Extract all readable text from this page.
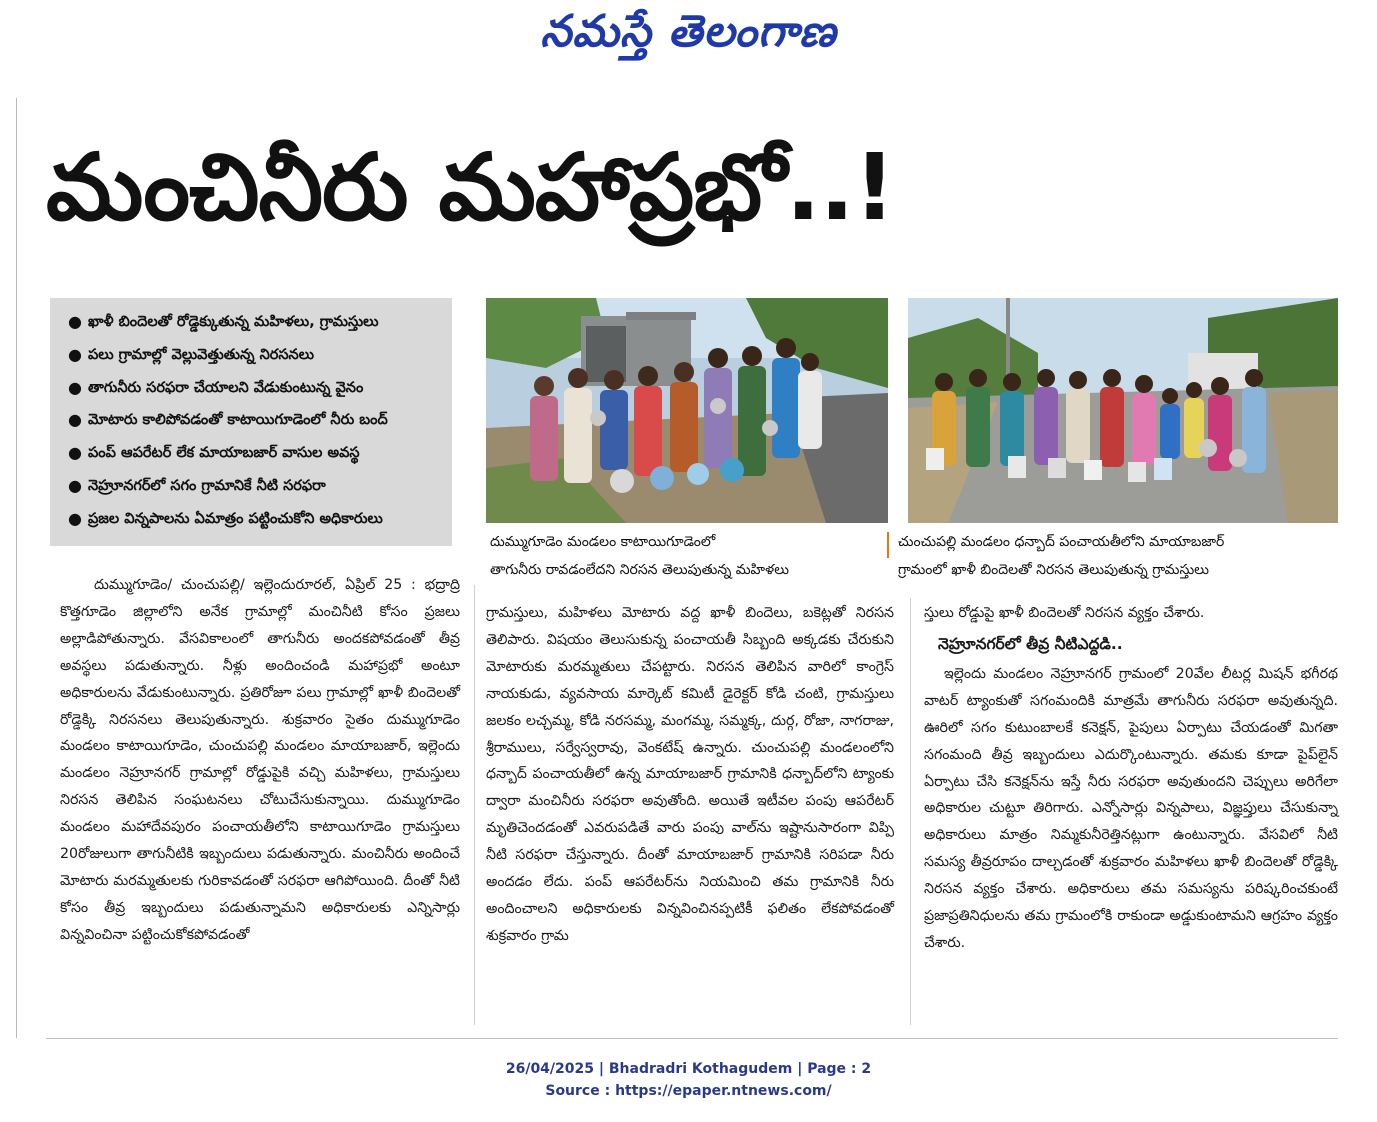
నమస్తే తెలంగాణ
మంచినీరు మహాప్రభో..!
● ఖాళీ బిందెలతో రోడ్డెక్కుతున్న మహిళలు, గ్రామస్తులు
● పలు గ్రామాల్లో వెల్లువెత్తుతున్న నిరసనలు
● తాగునీరు సరఫరా చేయాలని వేడుకుంటున్న వైనం
● మోటారు కాలిపోవడంతో కాటాయిగూడెంలో నీరు బంద్
● పంప్ ఆపరేటర్ లేక మాయాబజార్ వాసుల అవస్థ
● నెహ్రూనగర్‌లో సగం గ్రామానికే నీటి సరఫరా
● ప్రజల విన్నపాలను ఏమాత్రం పట్టించుకోని అధికారులు
దుమ్ముగూడెం మండలం కాటాయిగూడెంలో
తాగునీరు రావడంలేదని నిరసన తెలుపుతున్న మహిళలు
చుంచుపల్లి మండలం ధన్బాద్ పంచాయతీలోని మాయాబజార్
గ్రామంలో ఖాళీ బిందెలతో నిరసన తెలుపుతున్న గ్రామస్తులు

దుమ్ముగూడెం/ చుంచుపల్లి/ ఇల్లెందురూరల్, ఏప్రిల్ 25 : భద్రాద్రి కొత్తగూడెం జిల్లాలోని అనేక గ్రామాల్లో మంచినీటి కోసం ప్రజలు అల్లాడిపోతున్నారు. వేసవికాలంలో తాగునీరు అందకపోవడంతో తీవ్ర అవస్థలు పడుతున్నారు. నీళ్లు అందించండి మహాప్రభో అంటూ అధికారులను వేడుకుంటున్నారు. ప్రతిరోజూ పలు గ్రామాల్లో ఖాళీ బిందెలతో రోడ్డెక్కి నిరసనలు తెలుపుతున్నారు. శుక్రవారం సైతం దుమ్ముగూడెం మండలం కాటాయిగూడెం, చుంచుపల్లి మండలం మాయాబజార్, ఇల్లెందు మండలం నెహ్రూనగర్ గ్రామాల్లో రోడ్డుపైకి వచ్చి మహిళలు, గ్రామస్తులు నిరసన తెలిపిన సంఘటనలు చోటుచేసుకున్నాయి. దుమ్ముగూడెం మండలం మహాదేవపురం పంచాయతీలోని కాటాయిగూడెం గ్రామస్తులు 20రోజులుగా తాగునీటికి ఇబ్బందులు పడుతున్నారు. మంచినీరు అందించే మోటారు మరమ్మతులకు గురికావడంతో సరఫరా ఆగిపోయింది. దీంతో నీటి కోసం తీవ్ర ఇబ్బందులు పడుతున్నామని అధికారులకు ఎన్నిసార్లు విన్నవించినా పట్టించుకోకపోవడంతో

గ్రామస్తులు, మహిళలు మోటారు వద్ద ఖాళీ బిందెలు, బకెట్లతో నిరసన తెలిపారు. విషయం తెలుసుకున్న పంచాయతీ సిబ్బంది అక్కడకు చేరుకుని మోటారుకు మరమ్మతులు చేపట్టారు. నిరసన తెలిపిన వారిలో కాంగ్రెస్ నాయకుడు, వ్యవసాయ మార్కెట్ కమిటీ డైరెక్టర్ కోడి చంటి, గ్రామస్తులు జలకం లచ్చమ్మ, కోడి నరసమ్మ, మంగమ్మ, సమ్మక్క, దుర్గ, రోజా, నాగరాజు, శ్రీరాములు, సర్వేస్వరావు, వెంకటేష్ ఉన్నారు. చుంచుపల్లి మండలంలోని ధన్బాద్ పంచాయతీలో ఉన్న మాయాబజార్ గ్రామానికి ధన్బాద్‌లోని ట్యాంకు ద్వారా మంచినీరు సరఫరా అవుతోంది. అయితే ఇటీవల పంపు ఆపరేటర్ మృతిచెందడంతో ఎవరుపడితే వారు పంపు వాల్‌ను ఇష్టానుసారంగా విప్పి నీటి సరఫరా చేస్తున్నారు. దీంతో మాయాబజార్ గ్రామానికి సరిపడా నీరు అందడం లేదు. పంప్ ఆపరేటర్‌ను నియమించి తమ గ్రామానికి నీరు అందించాలని అధికారులకు విన్నవించినప్పటికీ ఫలితం లేకపోవడంతో శుక్రవారం గ్రామ

స్తులు రోడ్డుపై ఖాళీ బిందెలతో నిరసన వ్యక్తం చేశారు.

నెహ్రూనగర్‌లో తీవ్ర నీటిఎద్దడి..

ఇల్లెందు మండలం నెహ్రూనగర్ గ్రామంలో 20వేల లీటర్ల మిషన్ భగీరథ వాటర్ ట్యాంకుతో సగంమందికి మాత్రమే తాగునీరు సరఫరా అవుతున్నది. ఊరిలో సగం కుటుంబాలకే కనెక్షన్, పైపులు ఏర్పాటు చేయడంతో మిగతా సగంమంది తీవ్ర ఇబ్బందులు ఎదుర్కొంటున్నారు. తమకు కూడా పైప్‌లైన్ ఏర్పాటు చేసి కనెక్షన్‌ను ఇస్తే నీరు సరఫరా అవుతుందని చెప్పులు అరిగేలా అధికారుల చుట్టూ తిరిగారు. ఎన్నోసార్లు విన్నపాలు, విజ్ఞప్తులు చేసుకున్నా అధికారులు మాత్రం నిమ్మకునీరెత్తినట్లుగా ఉంటున్నారు. వేసవిలో నీటి సమస్య తీవ్రరూపం దాల్చడంతో శుక్రవారం మహిళలు ఖాళీ బిందెలతో రోడ్డెక్కి నిరసన వ్యక్తం చేశారు. అధికారులు తమ సమస్యను పరిష్కరించకుంటే ప్రజాప్రతినిధులను తమ గ్రామంలోకి రాకుండా అడ్డుకుంటామని ఆగ్రహం వ్యక్తం చేశారు.

26/04/2025 | Bhadradri Kothagudem | Page : 2
Source : https://epaper.ntnews.com/
